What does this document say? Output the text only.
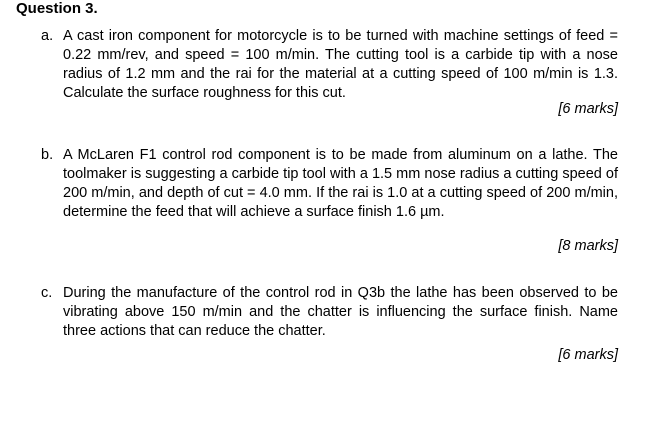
Question 3.
a. A cast iron component for motorcycle is to be turned with machine settings of feed = 0.22 mm/rev, and speed = 100 m/min. The cutting tool is a carbide tip with a nose radius of 1.2 mm and the rai for the material at a cutting speed of 100 m/min is 1.3. Calculate the surface roughness for this cut.
[6 marks]
b. A McLaren F1 control rod component is to be made from aluminum on a lathe. The toolmaker is suggesting a carbide tip tool with a 1.5 mm nose radius a cutting speed of 200 m/min, and depth of cut = 4.0 mm. If the rai is 1.0 at a cutting speed of 200 m/min, determine the feed that will achieve a surface finish 1.6 µm.
[8 marks]
c. During the manufacture of the control rod in Q3b the lathe has been observed to be vibrating above 150 m/min and the chatter is influencing the surface finish. Name three actions that can reduce the chatter.
[6 marks]
